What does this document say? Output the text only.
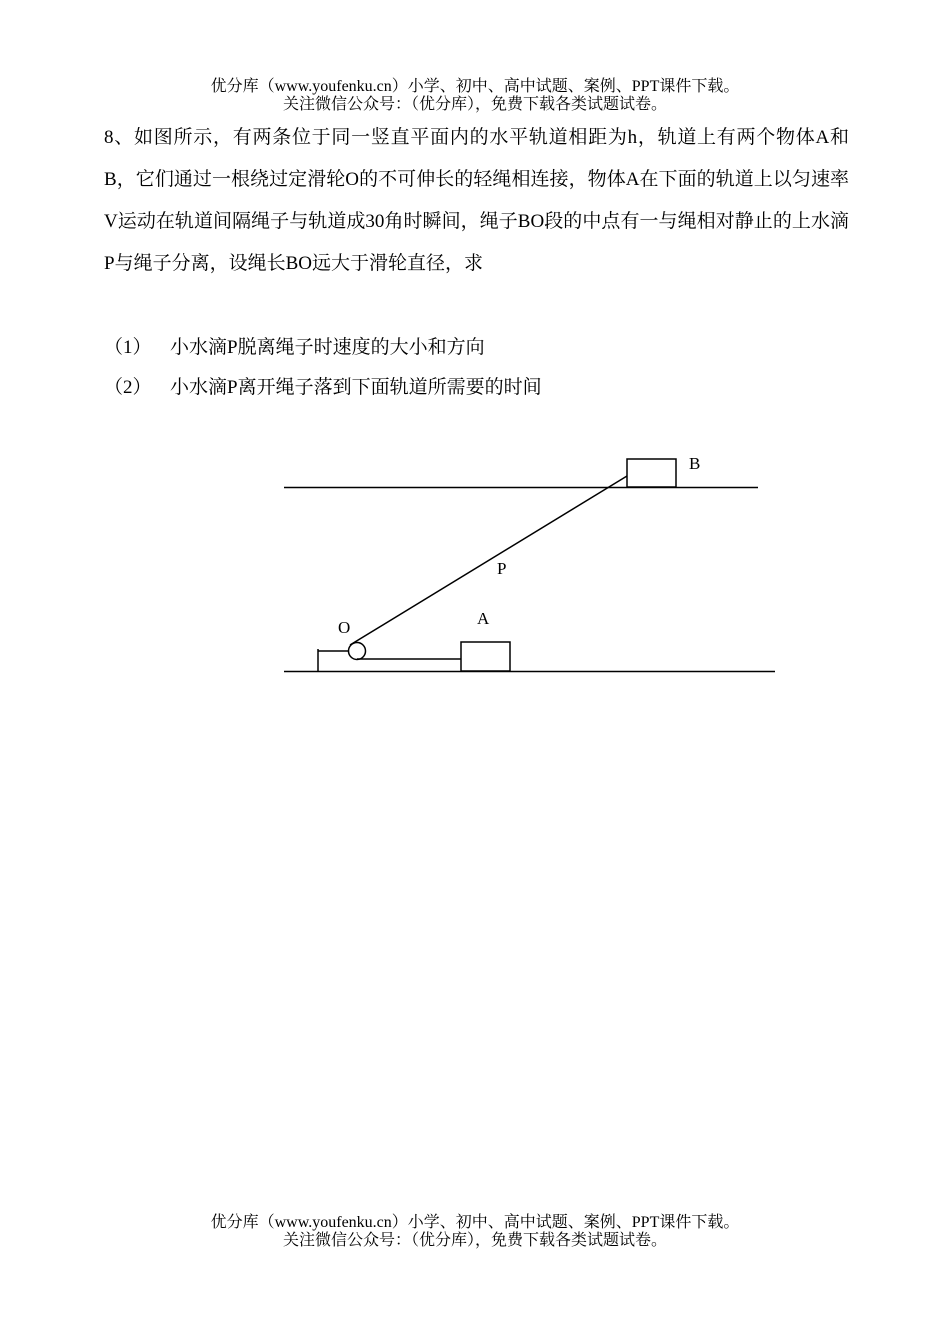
优分库（www.youfenku.cn）小学、初中、高中试题、案例、PPT课件下载。
关注微信公众号：（优分库），免费下载各类试题试卷。

8、如图所示，有两条位于同一竖直平面内的水平轨道相距为h，轨道上有两个物体A和B，它们通过一根绕过定滑轮O的不可伸长的轻绳相连接，物体A在下面的轨道上以匀速率V运动在轨道间隔绳子与轨道成30角时瞬间，绳子BO段的中点有一与绳相对静止的上水滴P与绳子分离，设绳长BO远大于滑轮直径，求

（1） 小水滴P脱离绳子时速度的大小和方向
（2） 小水滴P离开绳子落到下面轨道所需要的时间
B
P
O	A
优分库（www.youfenku.cn）小学、初中、高中试题、案例、PPT课件下载。
关注微信公众号：（优分库），免费下载各类试题试卷。
